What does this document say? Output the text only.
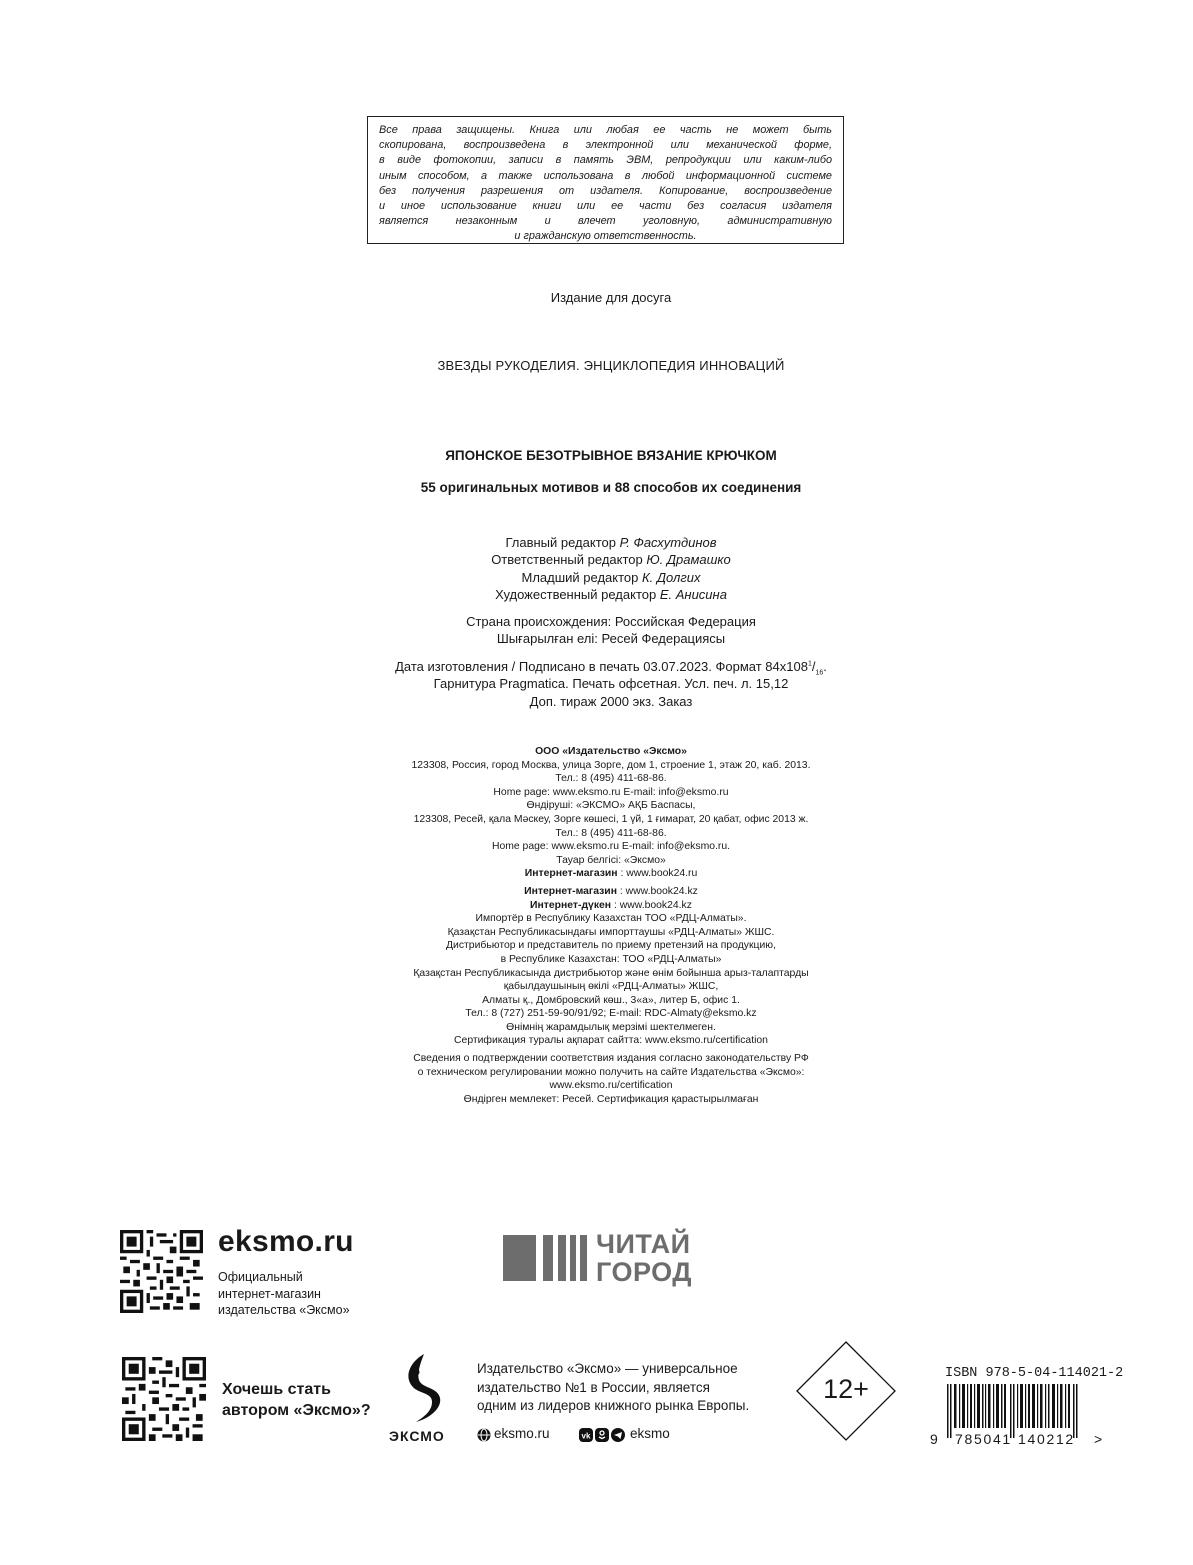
Все права защищены. Книга или любая ее часть не может быть
скопирована, воспроизведена в электронной или механической форме,
в виде фотокопии, записи в память ЭВМ, репродукции или каким-либо
иным способом, а также использована в любой информационной системе
без получения разрешения от издателя. Копирование, воспроизведение
и иное использование книги или ее части без согласия издателя
является незаконным и влечет уголовную, административную
и гражданскую ответственность.
Издание для досуга
ЗВЕЗДЫ РУКОДЕЛИЯ. ЭНЦИКЛОПЕДИЯ ИННОВАЦИЙ
ЯПОНСКОЕ БЕЗОТРЫВНОЕ ВЯЗАНИЕ КРЮЧКОМ
55 оригинальных мотивов и 88 способов их соединения
Главный редактор Р. Фасхутдинов
Ответственный редактор Ю. Драмашко
Младший редактор К. Долгих
Художественный редактор Е. Анисина
Страна происхождения: Российская Федерация
Шығарылған елі: Ресей Федерациясы
Дата изготовления / Подписано в печать 03.07.2023. Формат $84x108^1/_{16}$.
Гарнитура Pragmatica. Печать офсетная. Усл. печ. л. 15,12
Доп. тираж 2000 экз. Заказ
ООО «Издательство «Эксмо»
123308, Россия, город Москва, улица Зорге, дом 1, строение 1, этаж 20, каб. 2013.
Тел.: 8 (495) 411-68-86.
Home page: www.eksmo.ru E-mail: info@eksmo.ru
Өндіруші: «ЭКСМО» АҚБ Баспасы,
123308, Ресей, қала Мәскеу, Зорге көшесі, 1 үй, 1 ғимарат, 20 қабат, офис 2013 ж.
Тел.: 8 (495) 411-68-86.
Home page: www.eksmo.ru E-mail: info@eksmo.ru.
Тауар белгісі: «Эксмо»
Интернет-магазин : www.book24.ru
Интернет-магазин : www.book24.kz
Интернет-дүкен : www.book24.kz
Импортёр в Республику Казахстан ТОО «РДЦ-Алматы».
Қазақстан Республикасындағы импорттаушы «РДЦ-Алматы» ЖШС.
Дистрибьютор и представитель по приему претензий на продукцию,
в Республике Казахстан: ТОО «РДЦ-Алматы»
Қазақстан Республикасында дистрибьютор және өнім бойынша арыз-талаптарды
қабылдаушының өкілі «РДЦ-Алматы» ЖШС,
Алматы қ., Домбровский көш., 3«а», литер Б, офис 1.
Тел.: 8 (727) 251-59-90/91/92; E-mail: RDC-Almaty@eksmo.kz
Өнімнің жарамдылық мерзімі шектелмеген.
Сертификация туралы ақпарат сайтта: www.eksmo.ru/certification
Сведения о подтверждении соответствия издания согласно законодательству РФ
о техническом регулировании можно получить на сайте Издательства «Эксмо»:
www.eksmo.ru/certification
Өндірген мемлекет: Ресей. Сертификация қарастырылмаған
eksmo.ru
Официальный
интернет-магазин
издательства «Эксмо»
ЧИТАЙ
ГОРОД
Хочешь стать
автором «Эксмо»?
ЭКСМО
Издательство «Эксмо» — универсальное
издательство №1 в России, является
одним из лидеров книжного рынка Европы.
eksmo.ru	vk	eksmo
12+
ISBN 978-5-04-114021-2
9 785041 140212 >
